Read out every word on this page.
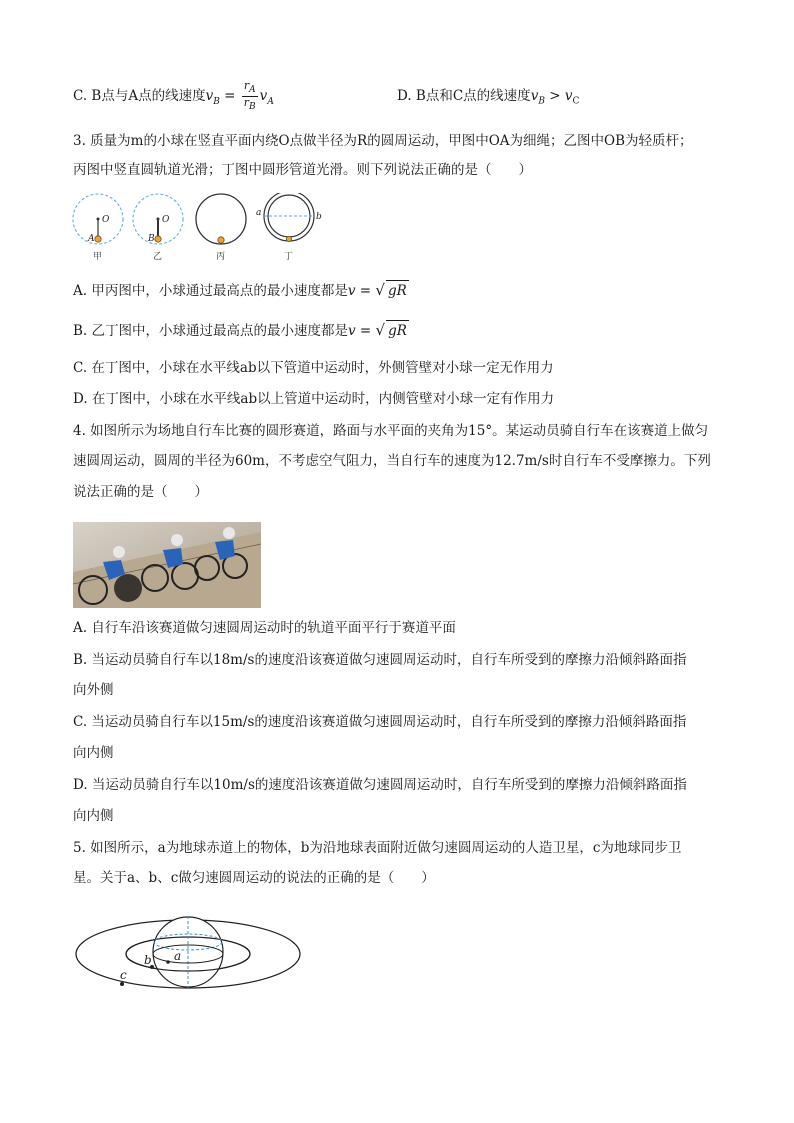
C. B点与A点的线速度$v_B = \frac{r_A}{r_B} v_A$	D. B点和C点的线速度$v_B > v_C$
3. 质量为m的小球在竖直平面内绕O点做半径为R的圆周运动，甲图中OA为细绳；乙图中OB为轻质杆；
丙图中竖直圆轨道光滑；丁图中圆形管道光滑。则下列说法正确的是（　　）
O
A
O
B
a	b
甲	乙	丙	丁
A. 甲丙图中，小球通过最高点的最小速度都是v = √ gR
B. 乙丁图中，小球通过最高点的最小速度都是v = √ gR
C. 在丁图中，小球在水平线ab以下管道中运动时，外侧管壁对小球一定无作用力
D. 在丁图中，小球在水平线ab以上管道中运动时，内侧管壁对小球一定有作用力
4. 如图所示为场地自行车比赛的圆形赛道，路面与水平面的夹角为15°。某运动员骑自行车在该赛道上做匀
速圆周运动，圆周的半径为60m，不考虑空气阻力，当自行车的速度为12.7m/s时自行车不受摩擦力。下列
说法正确的是（　　）
A. 自行车沿该赛道做匀速圆周运动时的轨道平面平行于赛道平面
B. 当运动员骑自行车以18m/s的速度沿该赛道做匀速圆周运动时，自行车所受到的摩擦力沿倾斜路面指
向外侧
C. 当运动员骑自行车以15m/s的速度沿该赛道做匀速圆周运动时，自行车所受到的摩擦力沿倾斜路面指
向内侧
D. 当运动员骑自行车以10m/s的速度沿该赛道做匀速圆周运动时，自行车所受到的摩擦力沿倾斜路面指
向内侧
5. 如图所示，a为地球赤道上的物体，b为沿地球表面附近做匀速圆周运动的人造卫星，c为地球同步卫
星。关于a、b、c做匀速圆周运动的说法的正确的是（　　）
a
b
c
